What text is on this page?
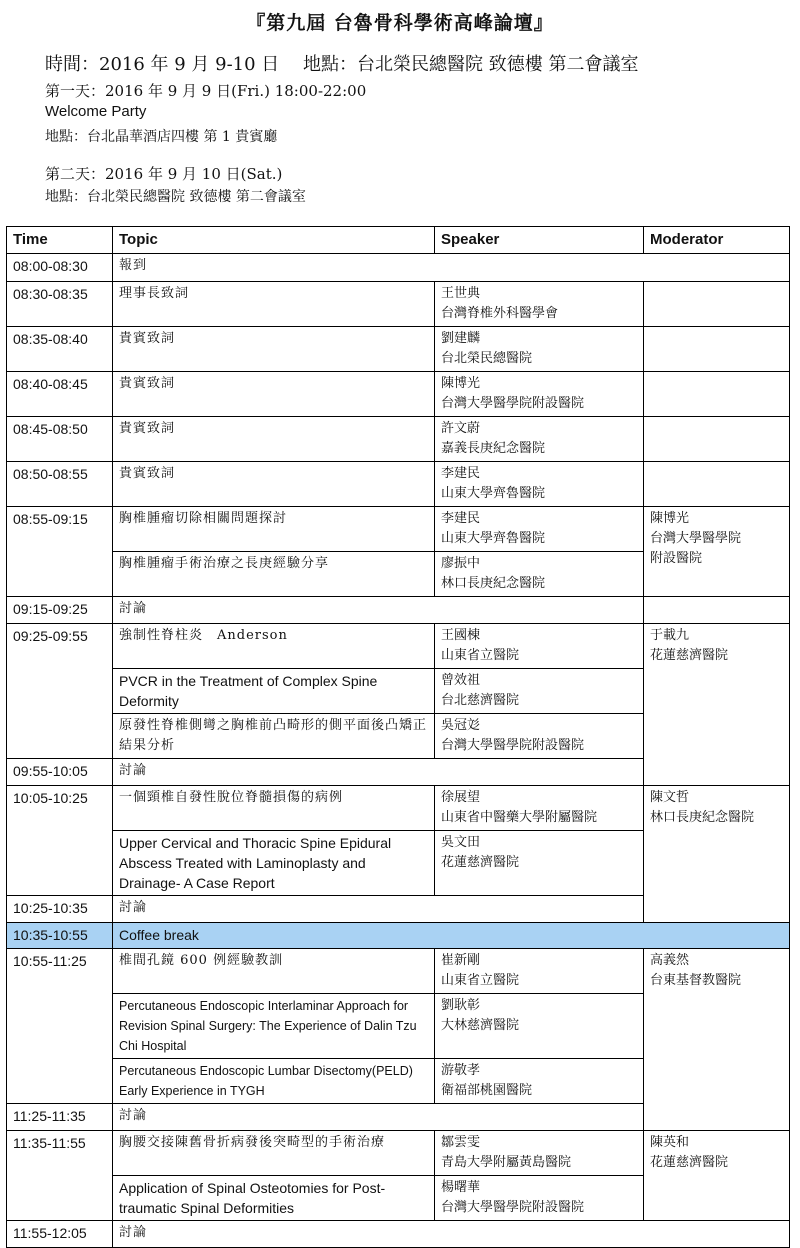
『第九屆 台魯骨科學術高峰論壇』
時間：2016 年 9 月 9-10 日　 地點：台北榮民總醫院 致德樓 第二會議室
第一天：2016 年 9 月 9 日(Fri.) 18:00-22:00
Welcome Party
地點：台北晶華酒店四樓 第 1 貴賓廳
第二天：2016 年 9 月 10 日(Sat.)
地點：台北榮民總醫院 致德樓 第二會議室
Time	Topic	Speaker	Moderator
08:00-08:30	報到		
08:30-08:35	理事長致詞	王世典
台灣脊椎外科醫學會	

08:35-08:40	貴賓致詞	劉建麟
台北榮民總醫院	

08:40-08:45	貴賓致詞	陳博光
台灣大學醫學院附設醫院	

08:45-08:50	貴賓致詞	許文蔚
嘉義長庚紀念醫院	

08:50-08:55	貴賓致詞	李建民
山東大學齊魯醫院	

08:55-09:15	胸椎腫瘤切除相關問題探討	李建民
山東大學齊魯醫院	陳博光
台灣大學醫學院
附設醫院

	胸椎腫瘤手術治療之長庚經驗分享	廖振中
林口長庚紀念醫院	

09:15-09:25	討論		
09:25-09:55	強制性脊柱炎　Anderson	王國棟
山東省立醫院	于載九
花蓮慈濟醫院

	PVCR in the Treatment of Complex Spine Deformity	曾效祖
台北慈濟醫院	

	原發性脊椎側彎之胸椎前凸畸形的側平面後凸矯正結果分析	吳冠彣
台灣大學醫學院附設醫院	

09:55-10:05	討論		
10:05-10:25	一個頸椎自發性脫位脊髓損傷的病例	徐展望
山東省中醫藥大學附屬醫院	陳文哲
林口長庚紀念醫院

	Upper Cervical and Thoracic Spine Epidural Abscess Treated with Laminoplasty and Drainage- A Case Report	吳文田
花蓮慈濟醫院	

10:25-10:35	討論		
10:35-10:55	Coffee break		
10:55-11:25	椎間孔鏡 600 例經驗教訓	崔新剛
山東省立醫院	高義然
台東基督教醫院

	Percutaneous Endoscopic Interlaminar Approach for Revision Spinal Surgery: The Experience of Dalin Tzu Chi Hospital	劉耿彰
大林慈濟醫院	

	Percutaneous Endoscopic Lumbar Disectomy(PELD) Early Experience in TYGH	游敬孝
衛福部桃園醫院	

11:25-11:35	討論		
11:35-11:55	胸腰交接陳舊骨折病發後突畸型的手術治療	鄒雲雯
青島大學附屬黃島醫院	陳英和
花蓮慈濟醫院

	Application of Spinal Osteotomies for Post-traumatic Spinal Deformities	楊曙華
台灣大學醫學院附設醫院	

11:55-12:05	討論		
